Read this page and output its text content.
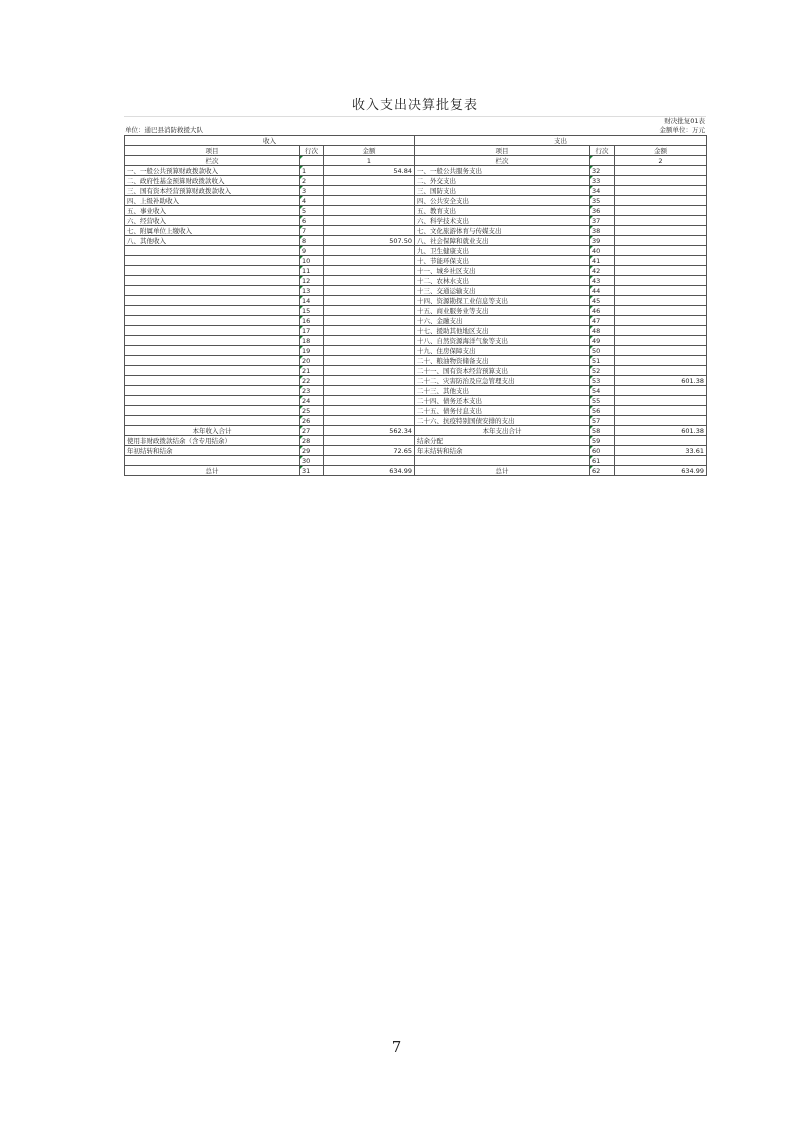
收入支出决算批复表
财决批复01表
单位：通巴县消防救援大队	金额单位：万元
收入			支出		
项目	行次	金额	项目	行次	金额
栏次		1	栏次		2
一、一般公共预算财政拨款收入	1	54.84	一、一般公共服务支出	32	
二、政府性基金预算财政拨款收入	2		二、外交支出	33	
三、国有资本经营预算财政拨款收入	3		三、国防支出	34	
四、上级补助收入	4		四、公共安全支出	35	
五、事业收入	5		五、教育支出	36	
六、经营收入	6		六、科学技术支出	37	
七、附属单位上缴收入	7		七、文化旅游体育与传媒支出	38	
八、其他收入	8	507.50	八、社会保障和就业支出	39	
	9		九、卫生健康支出	40	
	10		十、节能环保支出	41	
	11		十一、城乡社区支出	42	
	12		十二、农林水支出	43	
	13		十三、交通运输支出	44	
	14		十四、资源勘探工业信息等支出	45	
	15		十五、商业服务业等支出	46	
	16		十六、金融支出	47	
	17		十七、援助其他地区支出	48	
	18		十八、自然资源海洋气象等支出	49	
	19		十九、住房保障支出	50	
	20		二十、粮油物资储备支出	51	
	21		二十一、国有资本经营预算支出	52	
	22		二十二、灾害防治及应急管理支出	53	601.38
	23		二十三、其他支出	54	
	24		二十四、债务还本支出	55	
	25		二十五、债务付息支出	56	
	26		二十六、抗疫特别国债安排的支出	57	
本年收入合计	27	562.34	本年支出合计	58	601.38
使用非财政拨款结余（含专用结余）	28		结余分配	59	
年初结转和结余	29	72.65	年末结转和结余	60	33.61
	30			61	
总计	31	634.99	总计	62	634.99
7
